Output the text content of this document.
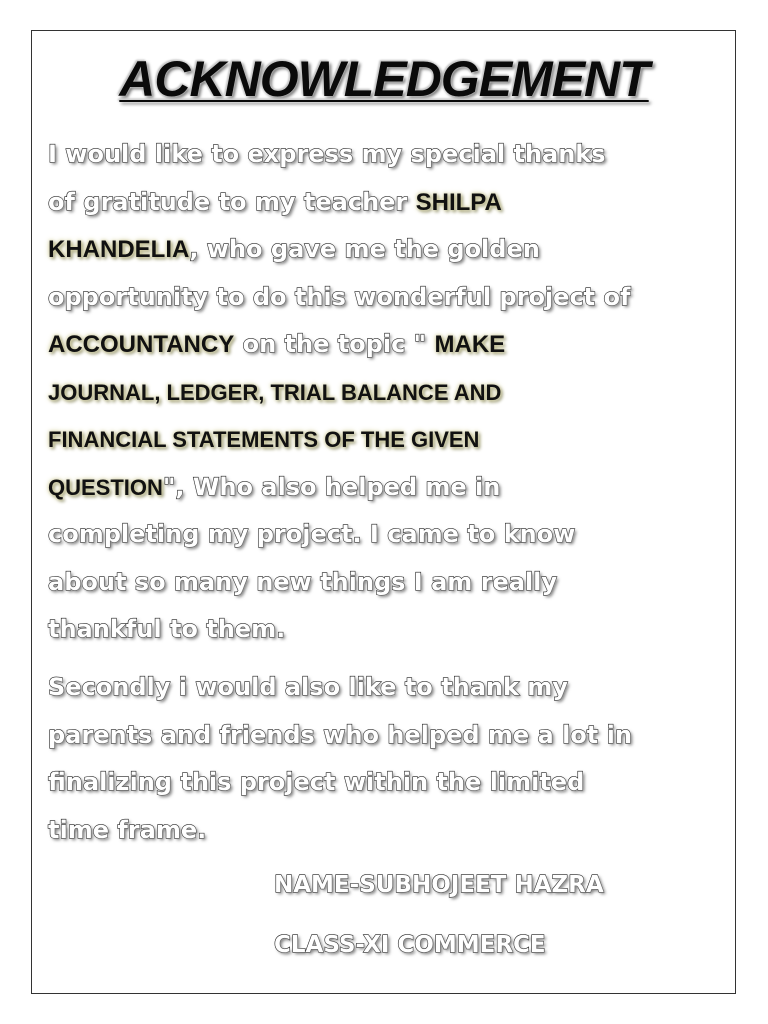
ACKNOWLEDGEMENT

I would like to express my special thanks
of gratitude to my teacher SHILPA
KHANDELIA, who gave me the golden
opportunity to do this wonderful project of
ACCOUNTANCY on the topic " MAKE
JOURNAL, LEDGER, TRIAL BALANCE AND
FINANCIAL STATEMENTS OF THE GIVEN
QUESTION", Who also helped me in
completing my project. I came to know
about so many new things I am really
thankful to them.

Secondly i would also like to thank my
parents and friends who helped me a lot in
finalizing this project within the limited
time frame.

NAME-SUBHOJEET HAZRA
CLASS-XI COMMERCE
